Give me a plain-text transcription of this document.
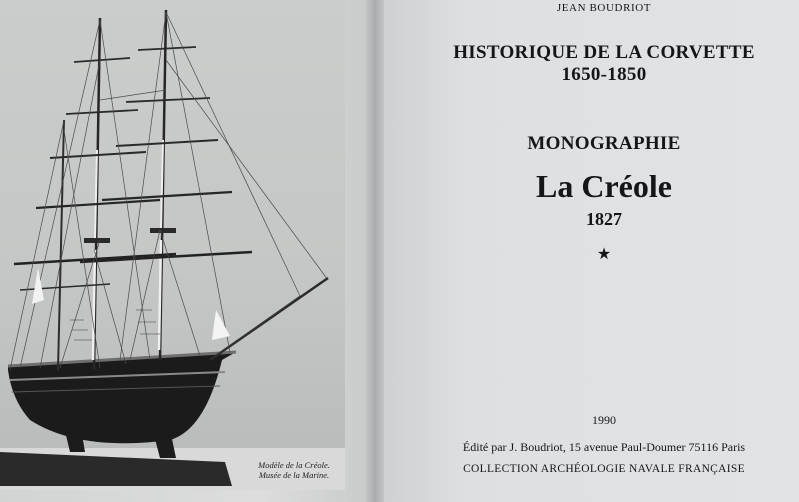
Modèle de la Créole.
Musée de la Marine.
JEAN BOUDRIOT
HISTORIQUE DE LA CORVETTE
1650-1850
MONOGRAPHIE
La Créole
1827
★
1990
Édité par J. Boudriot, 15 avenue Paul-Doumer 75116 Paris
COLLECTION ARCHÉOLOGIE NAVALE FRANÇAISE
